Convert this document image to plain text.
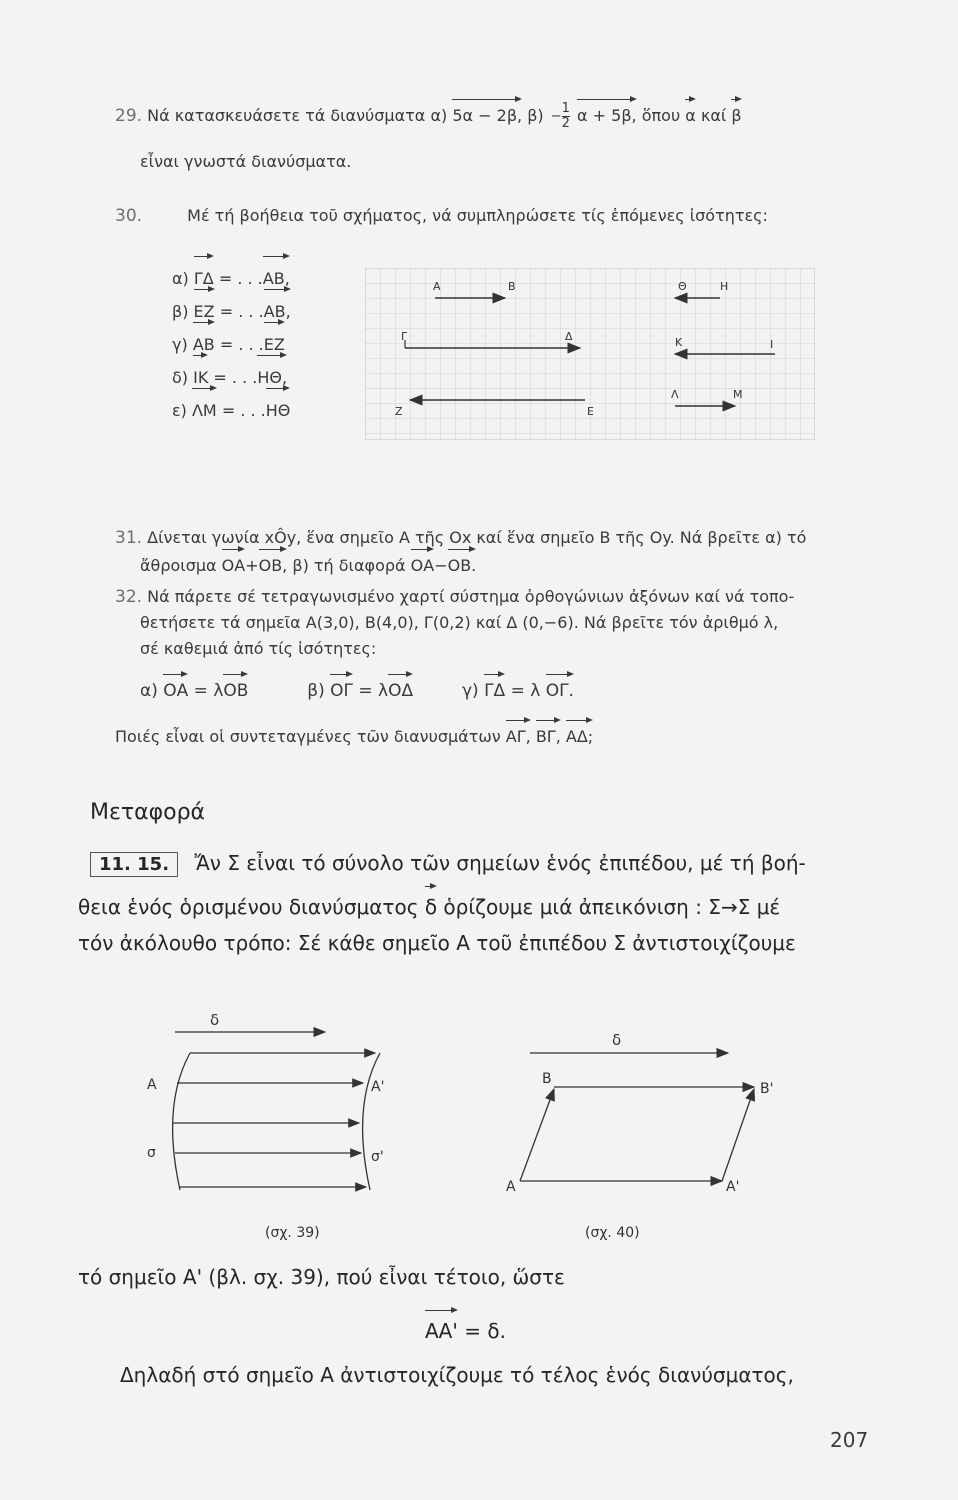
29. Νά κατασκευάσετε τά διανύσματα α) 5α − 2β, $\beta) - \frac{1}{2}$ α + 5β, ὅπου α καί β
εἶναι γνωστά διανύσματα.
30.	Μέ τή βοήθεια τοῦ σχήματος, νά συμπληρώσετε τίς ἑπόμενες ἰσότητες:
α) ΓΔ = . . .ΑΒ,
β) ΕΖ = . . .ΑΒ,
γ) ΑΒ = . . .ΕΖ
δ) ΙΚ = . . .ΗΘ,
ε) ΛΜ = . . .ΗΘ
Α	Β	Θ	Η
Γ	Δ	Κ	Ι
Ζ	Ε
Λ	Μ
31. Δίνεται γωνία xÔy, ἕνα σημεῖο Α τῆς Ox καί ἕνα σημεῖο Β τῆς Oy. Νά βρεῖτε α) τό
ἄθροισμα ΟΑ+ΟΒ, β) τή διαφορά ΟΑ−ΟΒ.
32. Νά πάρετε σέ τετραγωνισμένο χαρτί σύστημα ὀρθογώνιων ἀξόνων καί νά τοπο-
θετήσετε τά σημεῖα Α(3,0), Β(4,0), Γ(0,2) καί Δ (0,−6). Νά βρεῖτε τόν ἀριθμό λ,
σέ καθεμιά ἀπό τίς ἰσότητες:
α) ΟΑ = λΟΒ	β) ΟΓ = λΟΔ	γ) ΓΔ = λ ΟΓ.
Ποιές εἶναι οἱ συντεταγμένες τῶν διανυσμάτων ΑΓ, ΒΓ, ΑΔ;
Μεταφορά
11. 15. Ἄν Σ εἶναι τό σύνολο τῶν σημείων ἑνός ἐπιπέδου, μέ τή βοή-
θεια ἑνός ὁρισμένου διανύσματος δ ὁρίζουμε μιά ἀπεικόνιση : Σ→Σ μέ
τόν ἀκόλουθο τρόπο: Σέ κάθε σημεῖο Α τοῦ ἐπιπέδου Σ ἀντιστοιχίζουμε
δ
Α	Α'
σ	σ'
(σχ. 39)
δ
Β
Β'
Α	Α'
(σχ. 40)
τό σημεῖο Α' (βλ. σχ. 39), πού εἶναι τέτοιο, ὥστε
ΑΑ' = δ.
Δηλαδή στό σημεῖο Α ἀντιστοιχίζουμε τό τέλος ἑνός διανύσματος,
207
